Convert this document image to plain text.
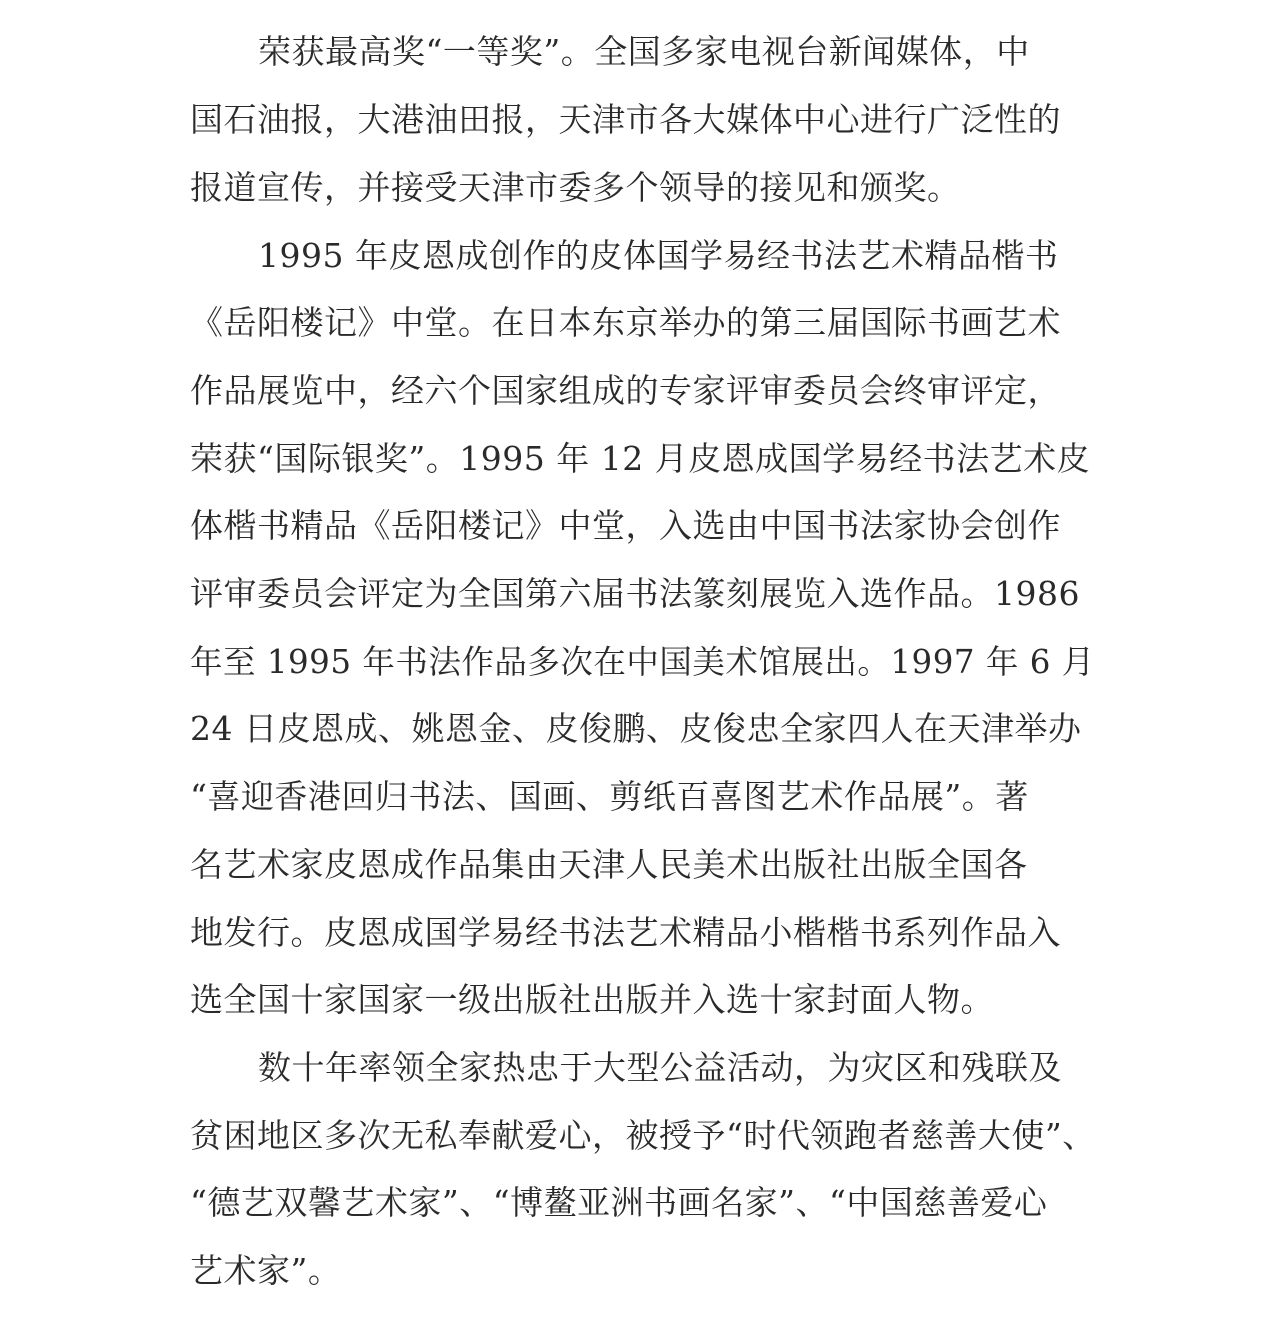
荣获最高奖“一等奖”。全国多家电视台新闻媒体，中
国石油报，大港油田报，天津市各大媒体中心进行广泛性的
报道宣传，并接受天津市委多个领导的接见和颁奖。
1995 年皮恩成创作的皮体国学易经书法艺术精品楷书
《岳阳楼记》中堂。在日本东京举办的第三届国际书画艺术
作品展览中，经六个国家组成的专家评审委员会终审评定，
荣获“国际银奖”。1995 年 12 月皮恩成国学易经书法艺术皮
体楷书精品《岳阳楼记》中堂，入选由中国书法家协会创作
评审委员会评定为全国第六届书法篆刻展览入选作品。1986
年至 1995 年书法作品多次在中国美术馆展出。1997 年 6 月
24 日皮恩成、姚恩金、皮俊鹏、皮俊忠全家四人在天津举办
“喜迎香港回归书法、国画、剪纸百喜图艺术作品展”。著
名艺术家皮恩成作品集由天津人民美术出版社出版全国各
地发行。皮恩成国学易经书法艺术精品小楷楷书系列作品入
选全国十家国家一级出版社出版并入选十家封面人物。
数十年率领全家热忠于大型公益活动，为灾区和残联及
贫困地区多次无私奉献爱心，被授予“时代领跑者慈善大使”、
“德艺双馨艺术家”、“博鳌亚洲书画名家”、“中国慈善爱心
艺术家”。
